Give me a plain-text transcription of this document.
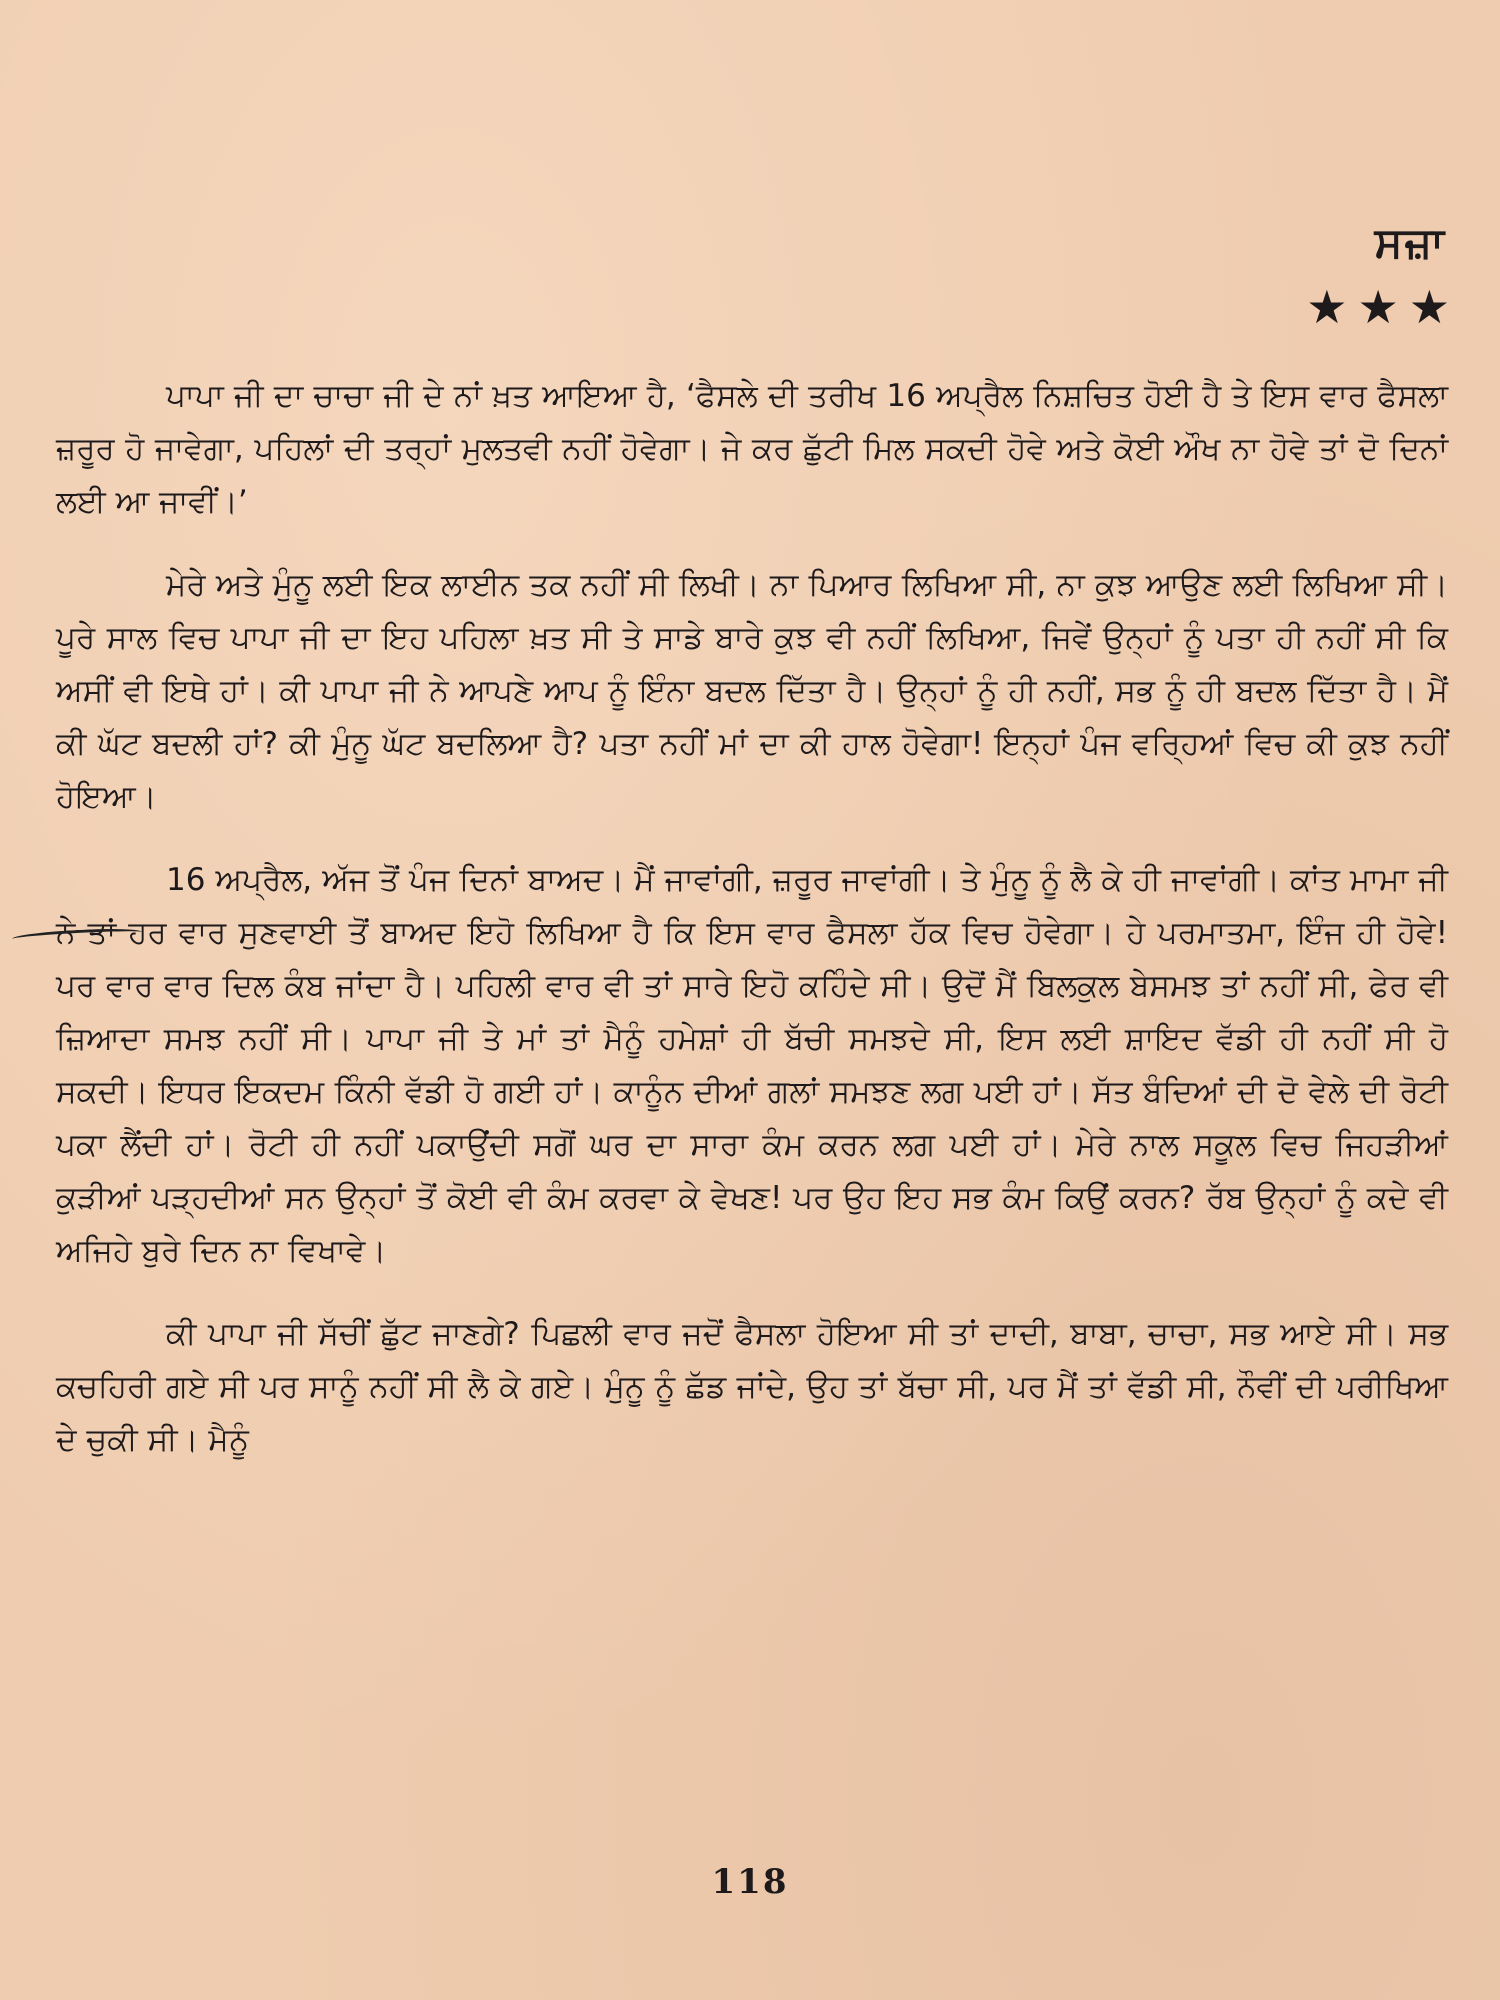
ਸਜ਼ਾ
★★★

ਪਾਪਾ ਜੀ ਦਾ ਚਾਚਾ ਜੀ ਦੇ ਨਾਂ ਖ਼ਤ ਆਇਆ ਹੈ, ‘ਫੈਸਲੇ ਦੀ ਤਰੀਖ 16 ਅਪ੍ਰੈਲ ਨਿਸ਼ਚਿਤ ਹੋਈ ਹੈ ਤੇ ਇਸ ਵਾਰ ਫੈਸਲਾ ਜ਼ਰੂਰ ਹੋ ਜਾਵੇਗਾ, ਪਹਿਲਾਂ ਦੀ ਤਰ੍ਹਾਂ ਮੁਲਤਵੀ ਨਹੀਂ ਹੋਵੇਗਾ। ਜੇ ਕਰ ਛੁੱਟੀ ਮਿਲ ਸਕਦੀ ਹੋਵੇ ਅਤੇ ਕੋਈ ਔਖ ਨਾ ਹੋਵੇ ਤਾਂ ਦੋ ਦਿਨਾਂ ਲਈ ਆ ਜਾਵੀਂ।’

ਮੇਰੇ ਅਤੇ ਮੁੰਨੂ ਲਈ ਇਕ ਲਾਈਨ ਤਕ ਨਹੀਂ ਸੀ ਲਿਖੀ। ਨਾ ਪਿਆਰ ਲਿਖਿਆ ਸੀ, ਨਾ ਕੁਝ ਆਉਣ ਲਈ ਲਿਖਿਆ ਸੀ। ਪੂਰੇ ਸਾਲ ਵਿਚ ਪਾਪਾ ਜੀ ਦਾ ਇਹ ਪਹਿਲਾ ਖ਼ਤ ਸੀ ਤੇ ਸਾਡੇ ਬਾਰੇ ਕੁਝ ਵੀ ਨਹੀਂ ਲਿਖਿਆ, ਜਿਵੇਂ ਉਨ੍ਹਾਂ ਨੂੰ ਪਤਾ ਹੀ ਨਹੀਂ ਸੀ ਕਿ ਅਸੀਂ ਵੀ ਇਥੇ ਹਾਂ। ਕੀ ਪਾਪਾ ਜੀ ਨੇ ਆਪਣੇ ਆਪ ਨੂੰ ਇੰਨਾ ਬਦਲ ਦਿੱਤਾ ਹੈ। ਉਨ੍ਹਾਂ ਨੂੰ ਹੀ ਨਹੀਂ, ਸਭ ਨੂੰ ਹੀ ਬਦਲ ਦਿੱਤਾ ਹੈ। ਮੈਂ ਕੀ ਘੱਟ ਬਦਲੀ ਹਾਂ? ਕੀ ਮੁੰਨੂ ਘੱਟ ਬਦਲਿਆ ਹੈ? ਪਤਾ ਨਹੀਂ ਮਾਂ ਦਾ ਕੀ ਹਾਲ ਹੋਵੇਗਾ! ਇਨ੍ਹਾਂ ਪੰਜ ਵਰ੍ਹਿਆਂ ਵਿਚ ਕੀ ਕੁਝ ਨਹੀਂ ਹੋਇਆ।

16 ਅਪ੍ਰੈਲ, ਅੱਜ ਤੋਂ ਪੰਜ ਦਿਨਾਂ ਬਾਅਦ। ਮੈਂ ਜਾਵਾਂਗੀ, ਜ਼ਰੂਰ ਜਾਵਾਂਗੀ। ਤੇ ਮੁੰਨੂ ਨੂੰ ਲੈ ਕੇ ਹੀ ਜਾਵਾਂਗੀ। ਕਾਂਤ ਮਾਮਾ ਜੀ ਨੇ ਤਾਂ ਹਰ ਵਾਰ ਸੁਣਵਾਈ ਤੋਂ ਬਾਅਦ ਇਹੋ ਲਿਖਿਆ ਹੈ ਕਿ ਇਸ ਵਾਰ ਫੈਸਲਾ ਹੱਕ ਵਿਚ ਹੋਵੇਗਾ। ਹੇ ਪਰਮਾਤਮਾ, ਇੰਜ ਹੀ ਹੋਵੇ! ਪਰ ਵਾਰ ਵਾਰ ਦਿਲ ਕੰਬ ਜਾਂਦਾ ਹੈ। ਪਹਿਲੀ ਵਾਰ ਵੀ ਤਾਂ ਸਾਰੇ ਇਹੋ ਕਹਿੰਦੇ ਸੀ। ਉਦੋਂ ਮੈਂ ਬਿਲਕੁਲ ਬੇਸਮਝ ਤਾਂ ਨਹੀਂ ਸੀ, ਫੇਰ ਵੀ ਜ਼ਿਆਦਾ ਸਮਝ ਨਹੀਂ ਸੀ। ਪਾਪਾ ਜੀ ਤੇ ਮਾਂ ਤਾਂ ਮੈਨੂੰ ਹਮੇਸ਼ਾਂ ਹੀ ਬੱਚੀ ਸਮਝਦੇ ਸੀ, ਇਸ ਲਈ ਸ਼ਾਇਦ ਵੱਡੀ ਹੀ ਨਹੀਂ ਸੀ ਹੋ ਸਕਦੀ। ਇਧਰ ਇਕਦਮ ਕਿੰਨੀ ਵੱਡੀ ਹੋ ਗਈ ਹਾਂ। ਕਾਨੂੰਨ ਦੀਆਂ ਗਲਾਂ ਸਮਝਣ ਲਗ ਪਈ ਹਾਂ। ਸੱਤ ਬੰਦਿਆਂ ਦੀ ਦੋ ਵੇਲੇ ਦੀ ਰੋਟੀ ਪਕਾ ਲੈਂਦੀ ਹਾਂ। ਰੋਟੀ ਹੀ ਨਹੀਂ ਪਕਾਉਂਦੀ ਸਗੋਂ ਘਰ ਦਾ ਸਾਰਾ ਕੰਮ ਕਰਨ ਲਗ ਪਈ ਹਾਂ। ਮੇਰੇ ਨਾਲ ਸਕੂਲ ਵਿਚ ਜਿਹੜੀਆਂ ਕੁੜੀਆਂ ਪੜ੍ਹਦੀਆਂ ਸਨ ਉਨ੍ਹਾਂ ਤੋਂ ਕੋਈ ਵੀ ਕੰਮ ਕਰਵਾ ਕੇ ਵੇਖਣ! ਪਰ ਉਹ ਇਹ ਸਭ ਕੰਮ ਕਿਉਂ ਕਰਨ? ਰੱਬ ਉਨ੍ਹਾਂ ਨੂੰ ਕਦੇ ਵੀ ਅਜਿਹੇ ਬੁਰੇ ਦਿਨ ਨਾ ਵਿਖਾਵੇ।

ਕੀ ਪਾਪਾ ਜੀ ਸੱਚੀਂ ਛੁੱਟ ਜਾਣਗੇ? ਪਿਛਲੀ ਵਾਰ ਜਦੋਂ ਫੈਸਲਾ ਹੋਇਆ ਸੀ ਤਾਂ ਦਾਦੀ, ਬਾਬਾ, ਚਾਚਾ, ਸਭ ਆਏ ਸੀ। ਸਭ ਕਚਹਿਰੀ ਗਏ ਸੀ ਪਰ ਸਾਨੂੰ ਨਹੀਂ ਸੀ ਲੈ ਕੇ ਗਏ। ਮੁੰਨੂ ਨੂੰ ਛੱਡ ਜਾਂਦੇ, ਉਹ ਤਾਂ ਬੱਚਾ ਸੀ, ਪਰ ਮੈਂ ਤਾਂ ਵੱਡੀ ਸੀ, ਨੌਵੀਂ ਦੀ ਪਰੀਖਿਆ ਦੇ ਚੁਕੀ ਸੀ। ਮੈਨੂੰ

118
